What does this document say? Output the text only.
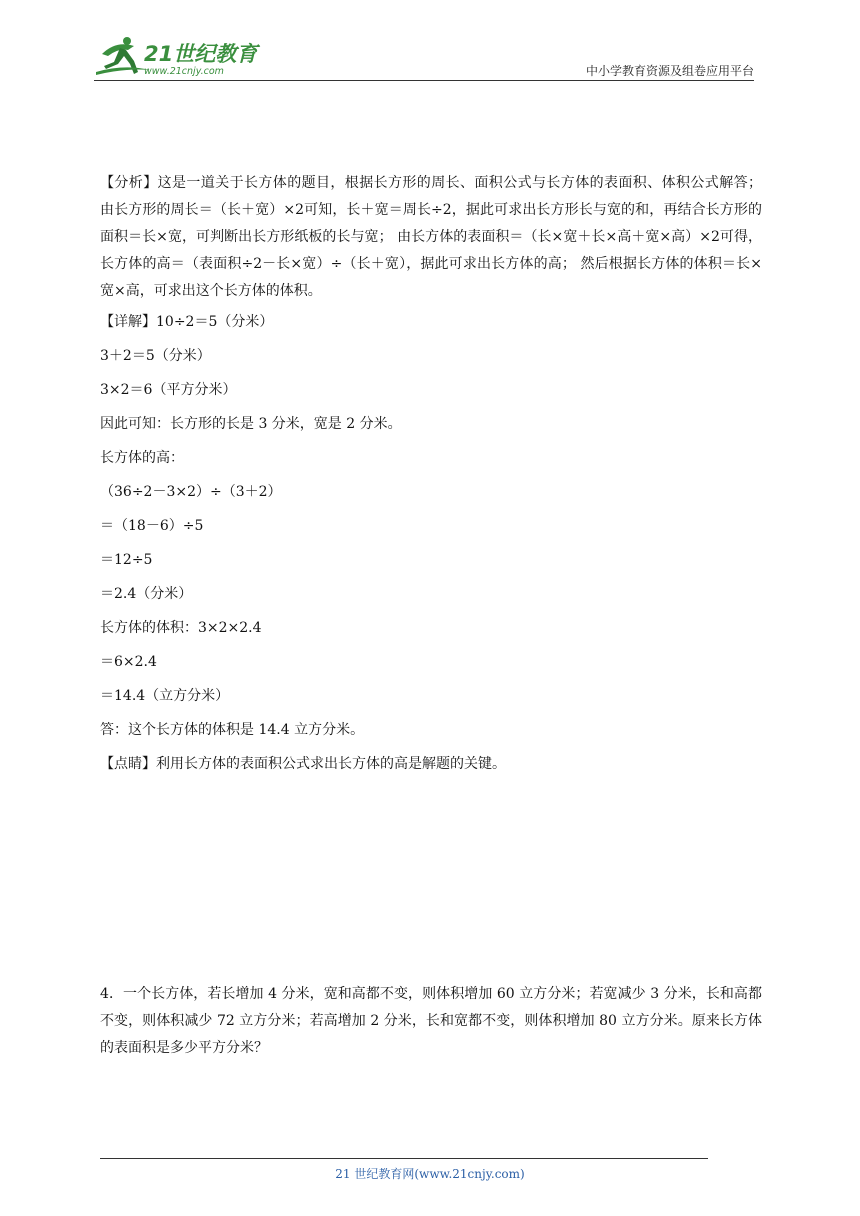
21世纪教育
www.21cnjy.com	中小学教育资源及组卷应用平台

【分析】这是一道关于长方体的题目，根据长方形的周长、面积公式与长方体的表面积、体积公式解答； 由长方形的周长＝（长＋宽）×2可知，长＋宽＝周长÷2，据此可求出长方形长与宽的和，再结合长方形的面积＝长×宽，可判断出长方形纸板的长与宽； 由长方体的表面积＝（长×宽＋长×高＋宽×高）×2可得，长方体的高＝（表面积÷2－长×宽）÷（长＋宽），据此可求出长方体的高； 然后根据长方体的体积＝长×宽×高，可求出这个长方体的体积。

【详解】10÷2＝5（分米）
3＋2＝5（分米）
3×2＝6（平方分米）
因此可知：长方形的长是 3 分米，宽是 2 分米。
长方体的高：
（36÷2－3×2）÷（3＋2）
＝（18－6）÷5
＝12÷5
＝2.4（分米）
长方体的体积：3×2×2.4
＝6×2.4
＝14.4（立方分米）
答：这个长方体的体积是 14.4 立方分米。
【点睛】利用长方体的表面积公式求出长方体的高是解题的关键。
4．一个长方体，若长增加 4 分米，宽和高都不变，则体积增加 60 立方分米；若宽减少 3 分米，长和高都不变，则体积减少 72 立方分米；若高增加 2 分米，长和宽都不变，则体积增加 80 立方分米。原来长方体的表面积是多少平方分米？
21 世纪教育网(www.21cnjy.com)
